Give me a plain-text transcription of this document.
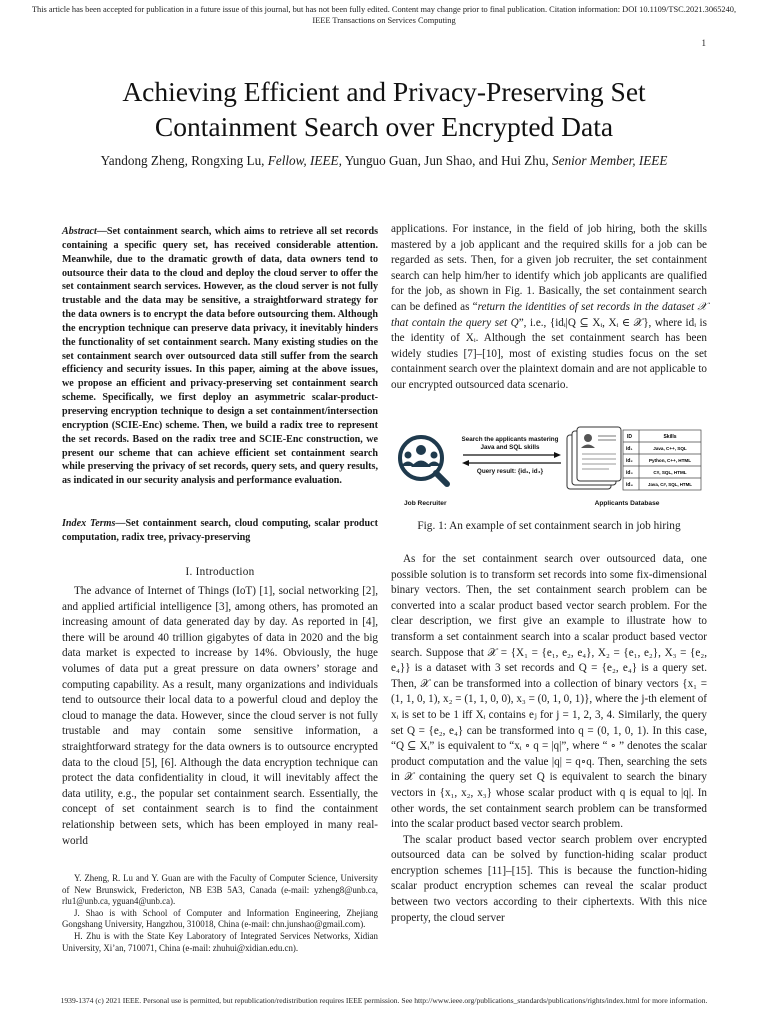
This article has been accepted for publication in a future issue of this journal, but has not been fully edited. Content may change prior to final publication. Citation information: DOI 10.1109/TSC.2021.3065240, IEEE Transactions on Services Computing
1
Achieving Efficient and Privacy-Preserving Set
Containment Search over Encrypted Data
Yandong Zheng, Rongxing Lu, Fellow, IEEE, Yunguo Guan, Jun Shao, and Hui Zhu, Senior Member, IEEE
Abstract—Set containment search, which aims to retrieve all set records containing a specific query set, has received considerable attention. Meanwhile, due to the dramatic growth of data, data owners tend to outsource their data to the cloud and deploy the cloud server to offer the set containment search services. However, as the cloud server is not fully trustable and the data may be sensitive, a straightforward strategy for the data owners is to encrypt the data before outsourcing them. Although the encryption technique can preserve data privacy, it inevitably hinders the functionality of set containment search. Many existing studies on the set containment search over outsourced data still suffer from the search efficiency and security issues. In this paper, aiming at the above issues, we propose an efficient and privacy-preserving set containment search scheme. Specifically, we first deploy an asymmetric scalar-product-preserving encryption technique to design a set containment/intersection encryption (SCIE-Enc) scheme. Then, we build a radix tree to represent the set records. Based on the radix tree and SCIE-Enc construction, we present our scheme that can achieve efficient set containment search while preserving the privacy of set records, query sets, and query results, as indicated in our security analysis and performance evaluation.
Index Terms—Set containment search, cloud computing, scalar product computation, radix tree, privacy-preserving
I. Introduction

The advance of Internet of Things (IoT) [1], social networking [2], and applied artificial intelligence [3], among others, has promoted an increasing amount of data generated day by day. As reported in [4], there will be around 40 trillion gigabytes of data in 2020 and the big data market is expected to increase by 14%. Obviously, the huge volumes of data put a great pressure on data owners’ storage and computing capability. As a result, many organizations and individuals tend to outsource their local data to a powerful cloud and deploy the cloud to manage the data. However, since the cloud server is not fully trustable and may contain some sensitive information, a straightforward strategy for the data owners is to outsource encrypted data to the cloud [5], [6]. Although the data encryption technique can protect the data confidentiality in cloud, it will inevitably affect the data utility, e.g., the popular set containment search. Essentially, the concept of set containment search is to find the containment relationship between sets, which has been employed in many real-world

Y. Zheng, R. Lu and Y. Guan are with the Faculty of Computer Science, University of New Brunswick, Fredericton, NB E3B 5A3, Canada (e-mail: yzheng8@unb.ca, rlu1@unb.ca, yguan4@unb.ca).

J. Shao is with School of Computer and Information Engineering, Zhejiang Gongshang University, Hangzhou, 310018, China (e-mail: chn.junshao@gmail.com).

H. Zhu is with the State Key Laboratory of Integrated Services Networks, Xidian University, Xi’an, 710071, China (e-mail: zhuhui@xidian.edu.cn).

applications. For instance, in the field of job hiring, both the skills mastered by a job applicant and the required skills for a job can be regarded as sets. Then, for a given job recruiter, the set containment search can help him/her to identify which job applicants are qualified for the job, as shown in Fig. 1. Basically, the set containment search can be defined as “return the identities of set records in the dataset 𝒳 that contain the query set Q”, i.e., {idᵢ|Q ⊆ Xᵢ, Xᵢ ∈ 𝒳}, where idᵢ is the identity of Xᵢ. Although the set containment search has been widely studies [7]–[10], most of existing studies focus on the set containment search over the plaintext domain and are not applicable to our encrypted outsourced data scenario.
Job Recruiter
Search the applicants mastering
Java and SQL skills
Query result: {id₁, id₄}
ID	Skills
id₁	Java, C++, SQL
id₂	Python, C++, HTML
id₃	C#, SQL, HTML
id₄	Java, C#, SQL, HTML
Applicants Database
Fig. 1: An example of set containment search in job hiring

As for the set containment search over outsourced data, one possible solution is to transform set records into some fix-dimensional binary vectors. Then, the set containment search problem can be converted into a scalar product based vector search problem. For the clear description, we first give an example to illustrate how to transform a set containment search into a scalar product based vector search. Suppose that 𝒳 = {X₁ = {e₁, e₂, e₄}, X₂ = {e₁, e₂}, X₃ = {e₂, e₄}} is a dataset with 3 set records and Q = {e₂, e₄} is a query set. Then, 𝒳 can be transformed into a collection of binary vectors {x₁ = (1, 1, 0, 1), x₂ = (1, 1, 0, 0), x₃ = (0, 1, 0, 1)}, where the j-th element of xᵢ is set to be 1 iff Xᵢ contains eⱼ for j = 1, 2, 3, 4. Similarly, the query set Q = {e₂, e₄} can be transformed into q = (0, 1, 0, 1). In this case, “Q ⊆ Xᵢ” is equivalent to “xᵢ ∘ q = |q|”, where “ ∘ ” denotes the scalar product computation and the value |q| = q∘q. Then, searching the sets in 𝒳 containing the query set Q is equivalent to search the binary vectors in {x₁, x₂, x₃} whose scalar product with q is equal to |q|. In other words, the set containment search problem can be transformed into the scalar product based vector search problem.

The scalar product based vector search problem over encrypted outsourced data can be solved by function-hiding scalar product encryption schemes [11]–[15]. This is because the function-hiding scalar product encryption schemes can reveal the scalar product between two vectors according to their ciphertexts. With this nice property, the cloud server

1939-1374 (c) 2021 IEEE. Personal use is permitted, but republication/redistribution requires IEEE permission. See http://www.ieee.org/publications_standards/publications/rights/index.html for more information.
